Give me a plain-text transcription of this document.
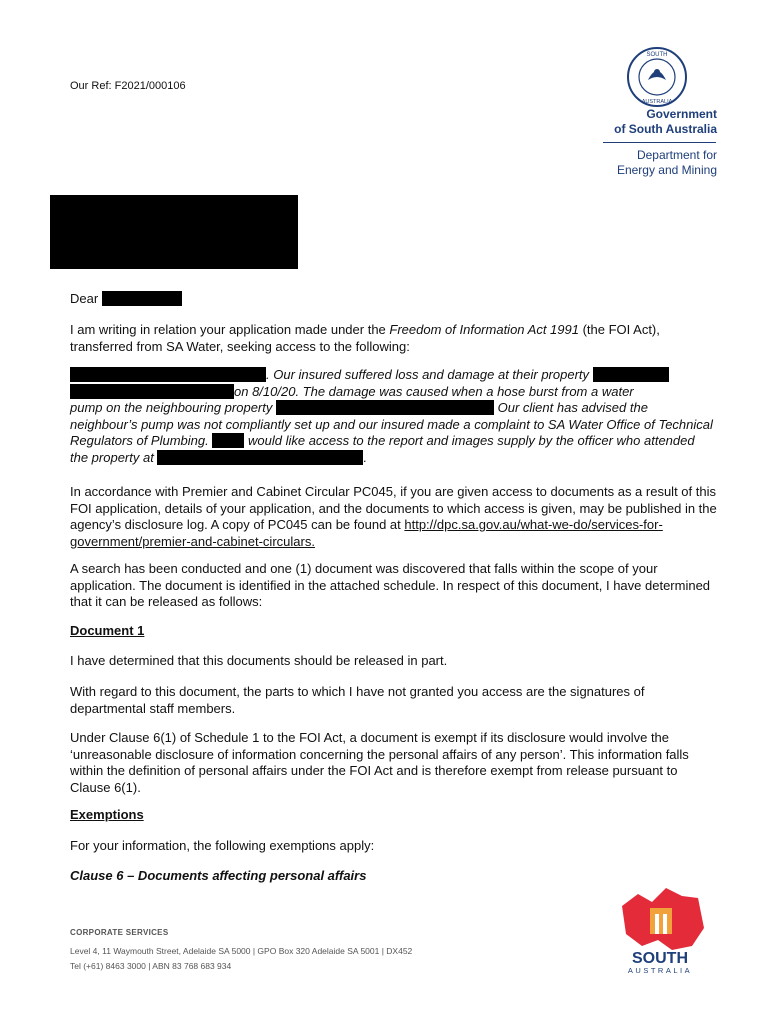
Our Ref: F2021/000106
SOUTH
AUSTRALIA
Government
of South Australia
Department for
Energy and Mining

Dear

I am writing in relation your application made under the Freedom of Information Act 1991 (the FOI Act), transferred from SA Water, seeking access to the following:

. Our insured suffered loss and damage at their property
on 8/10/20. The damage was caused when a hose burst from a water
pump on the neighbouring property	Our client has advised the neighbour’s pump was not compliantly set up and our insured made a complaint to SA Water Office of Technical Regulators of Plumbing.	would like access to the report and images supply by the officer who attended the property at	.

In accordance with Premier and Cabinet Circular PC045, if you are given access to documents as a result of this FOI application, details of your application, and the documents to which access is given, may be published in the agency’s disclosure log. A copy of PC045 can be found at http://dpc.sa.gov.au/what-we-do/services-for-government/premier-and-cabinet-circulars.

A search has been conducted and one (1) document was discovered that falls within the scope of your application. The document is identified in the attached schedule. In respect of this document, I have determined that it can be released as follows:

Document 1

I have determined that this documents should be released in part.

With regard to this document, the parts to which I have not granted you access are the signatures of departmental staff members.

Under Clause 6(1) of Schedule 1 to the FOI Act, a document is exempt if its disclosure would involve the ‘unreasonable disclosure of information concerning the personal affairs of any person’. This information falls within the definition of personal affairs under the FOI Act and is therefore exempt from release pursuant to Clause 6(1).

Exemptions

For your information, the following exemptions apply:

Clause 6 – Documents affecting personal affairs

CORPORATE SERVICES
Level 4, 11 Waymouth Street, Adelaide SA 5000 | GPO Box 320 Adelaide SA 5001 | DX452
Tel (+61) 8463 3000 | ABN 83 768 683 934	SOUTH
AUSTRALIA
